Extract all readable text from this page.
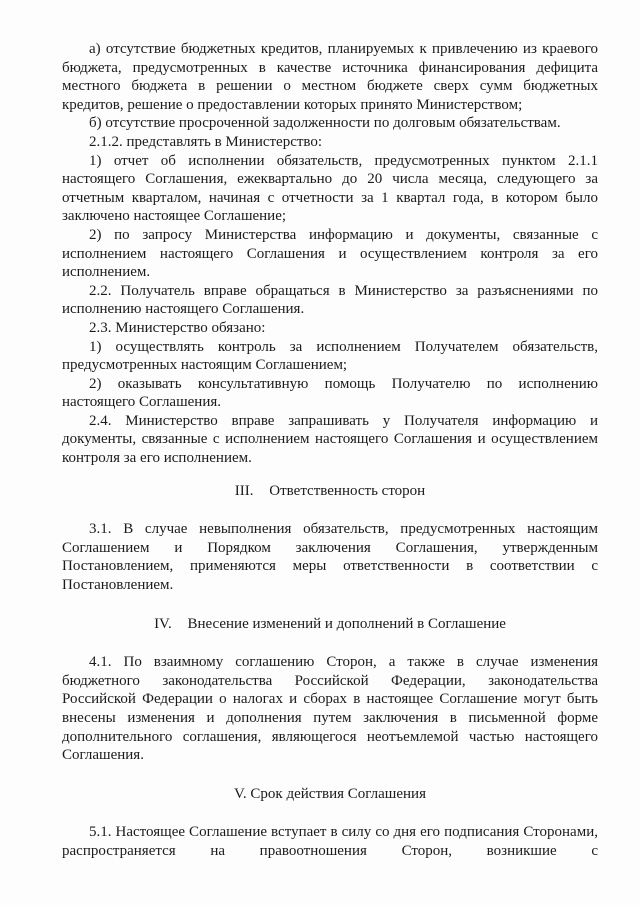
а) отсутствие бюджетных кредитов, планируемых к привлечению из краевого бюджета, предусмотренных в качестве источника финансирования дефицита местного бюджета в решении о местном бюджете сверх сумм бюджетных кредитов, решение о предоставлении которых принято Министерством;

б) отсутствие просроченной задолженности по долговым обязательствам.

2.1.2. представлять в Министерство:

1) отчет об исполнении обязательств, предусмотренных пунктом 2.1.1 настоящего Соглашения, ежеквартально до 20 числа месяца, следующего за отчетным кварталом, начиная с отчетности за 1 квартал года, в котором было заключено настоящее Соглашение;

2) по запросу Министерства информацию и документы, связанные с исполнением настоящего Соглашения и осуществлением контроля за его исполнением.

2.2. Получатель вправе обращаться в Министерство за разъяснениями по исполнению настоящего Соглашения.

2.3. Министерство обязано:

1) осуществлять контроль за исполнением Получателем обязательств, предусмотренных настоящим Соглашением;

2) оказывать консультативную помощь Получателю по исполнению настоящего Соглашения.

2.4. Министерство вправе запрашивать у Получателя информацию и документы, связанные с исполнением настоящего Соглашения и осуществлением контроля за его исполнением.

III. Ответственность сторон

3.1. В случае невыполнения обязательств, предусмотренных настоящим Соглашением и Порядком заключения Соглашения, утвержденным Постановлением, применяются меры ответственности в соответствии с Постановлением.

IV. Внесение изменений и дополнений в Соглашение

4.1. По взаимному соглашению Сторон, а также в случае изменения бюджетного законодательства Российской Федерации, законодательства Российской Федерации о налогах и сборах в настоящее Соглашение могут быть внесены изменения и дополнения путем заключения в письменной форме дополнительного соглашения, являющегося неотъемлемой частью настоящего Соглашения.

V. Срок действия Соглашения

5.1. Настоящее Соглашение вступает в силу со дня его подписания Сторонами, распространяется на правоотношения Сторон, возникшие с
